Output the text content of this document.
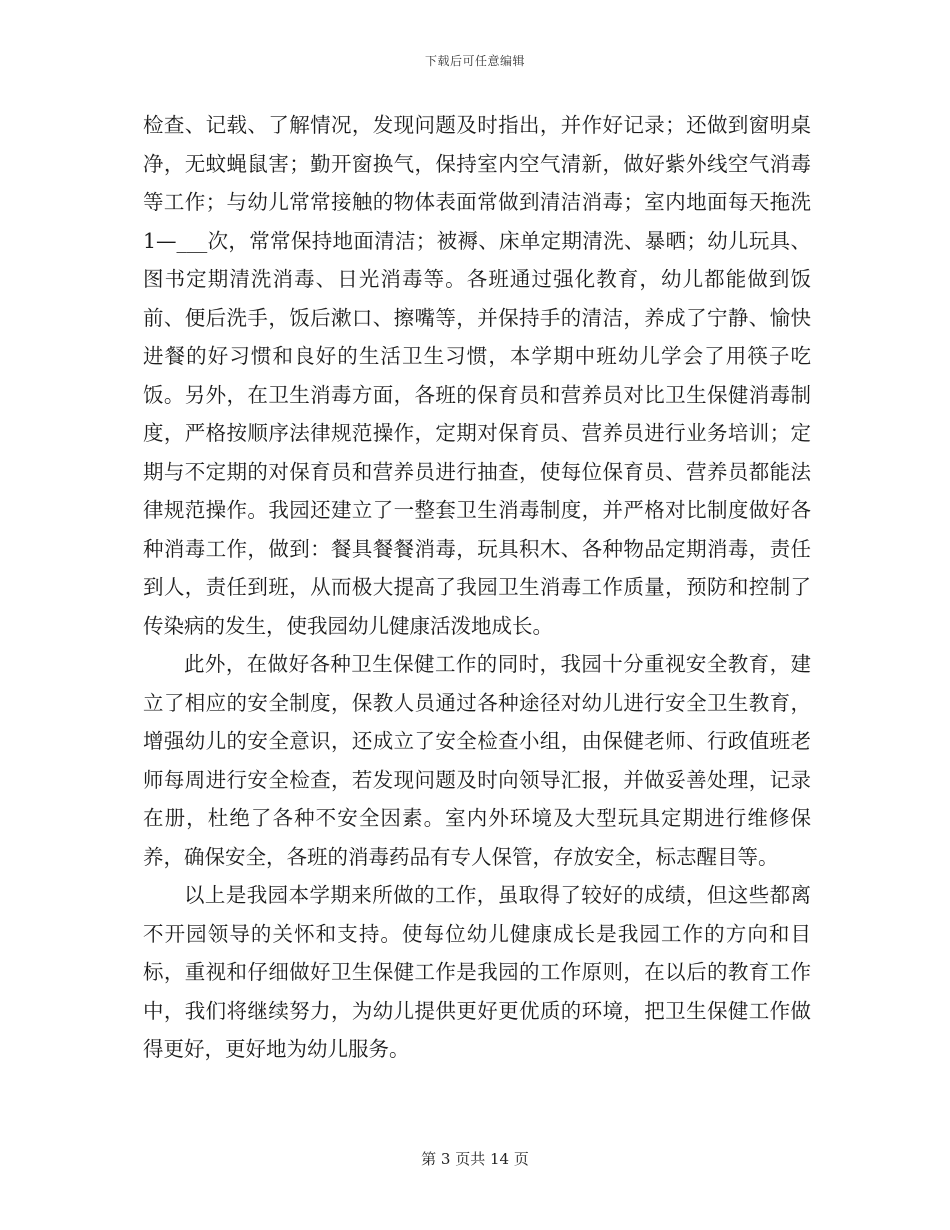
下载后可任意编辑

检查、记载、了解情况，发现问题及时指出，并作好记录；还做到窗明桌净，无蚊蝇鼠害；勤开窗换气，保持室内空气清新，做好紫外线空气消毒等工作；与幼儿常常接触的物体表面常做到清洁消毒；室内地面每天拖洗1—___次，常常保持地面清洁；被褥、床单定期清洗、暴晒；幼儿玩具、图书定期清洗消毒、日光消毒等。各班通过强化教育，幼儿都能做到饭前、便后洗手，饭后漱口、擦嘴等，并保持手的清洁，养成了宁静、愉快进餐的好习惯和良好的生活卫生习惯，本学期中班幼儿学会了用筷子吃饭。另外，在卫生消毒方面，各班的保育员和营养员对比卫生保健消毒制度，严格按顺序法律规范操作，定期对保育员、营养员进行业务培训；定期与不定期的对保育员和营养员进行抽查，使每位保育员、营养员都能法律规范操作。我园还建立了一整套卫生消毒制度，并严格对比制度做好各种消毒工作，做到：餐具餐餐消毒，玩具积木、各种物品定期消毒，责任到人，责任到班，从而极大提高了我园卫生消毒工作质量，预防和控制了传染病的发生，使我园幼儿健康活泼地成长。

此外，在做好各种卫生保健工作的同时，我园十分重视安全教育，建立了相应的安全制度，保教人员通过各种途径对幼儿进行安全卫生教育，增强幼儿的安全意识，还成立了安全检查小组，由保健老师、行政值班老师每周进行安全检查，若发现问题及时向领导汇报，并做妥善处理，记录在册，杜绝了各种不安全因素。室内外环境及大型玩具定期进行维修保养，确保安全，各班的消毒药品有专人保管，存放安全，标志醒目等。

以上是我园本学期来所做的工作，虽取得了较好的成绩，但这些都离不开园领导的关怀和支持。使每位幼儿健康成长是我园工作的方向和目标，重视和仔细做好卫生保健工作是我园的工作原则，在以后的教育工作中，我们将继续努力，为幼儿提供更好更优质的环境，把卫生保健工作做得更好，更好地为幼儿服务。

第 3 页共 14 页
